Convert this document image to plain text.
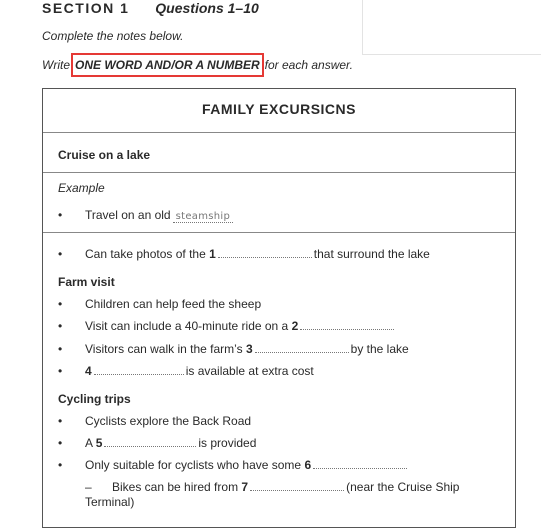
SECTION 1 Questions 1–10
Complete the notes below.
Write ONE WORD AND/OR A NUMBER for each answer.
FAMILY EXCURSICNS
Cruise on a lake
Example
• Travel on an old steamship
• Can take photos of the 1	that surround the lake
Farm visit
• Children can help feed the sheep
• Visit can include a 40-minute ride on a 2
• Visitors can walk in the farm’s 3	by the lake
• 4	is available at extra cost
Cycling trips
• Cyclists explore the Back Road
• A 5	is provided
• Only suitable for cyclists who have some 6
– Bikes can be hired from 7	(near the Cruise Ship Terminal)
